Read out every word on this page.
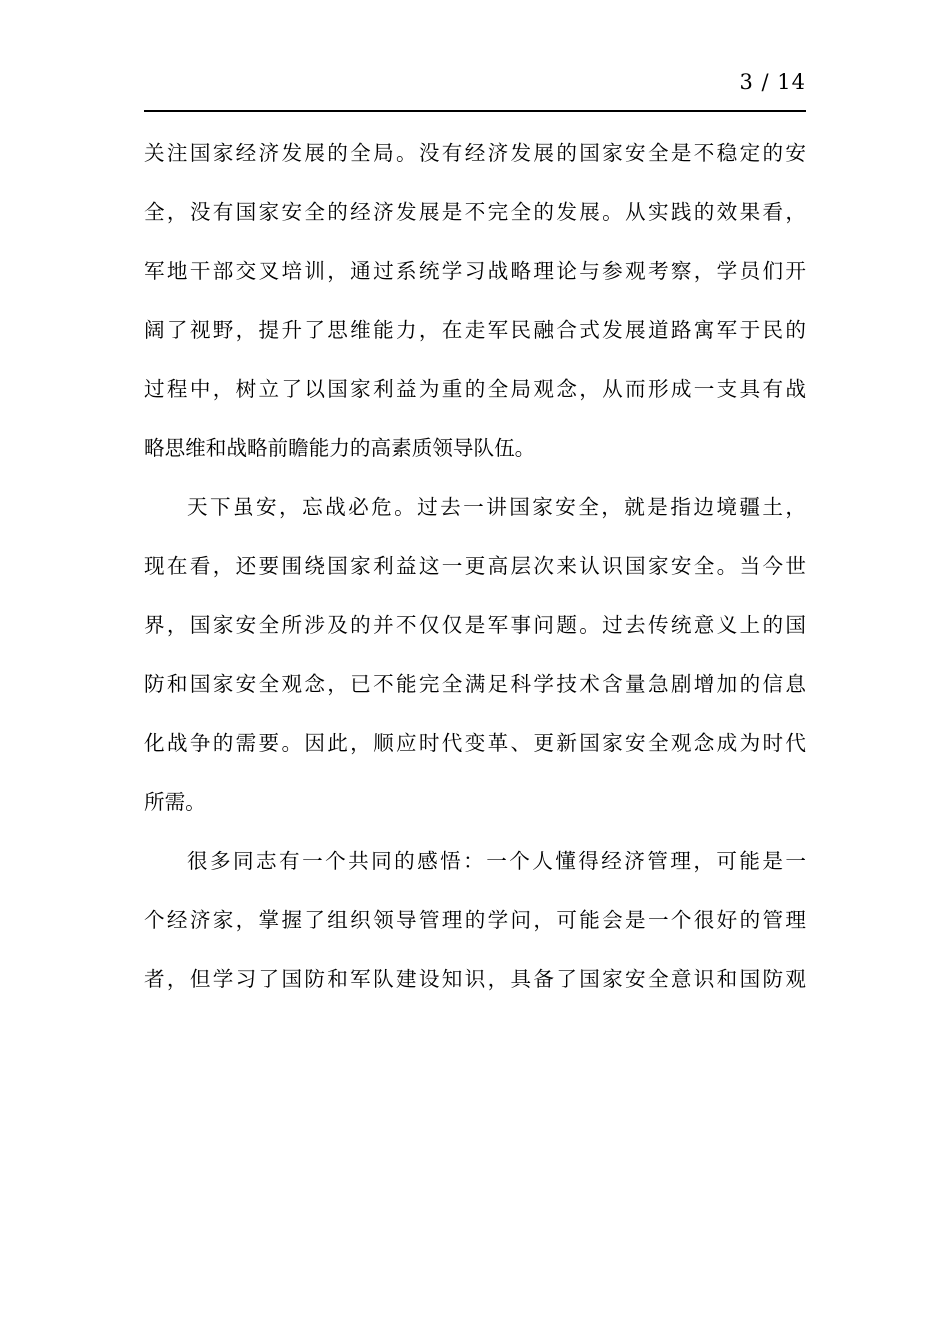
3 / 14
关注国家经济发展的全局。没有经济发展的国家安全是不稳定的安
全，没有国家安全的经济发展是不完全的发展。从实践的效果看，
军地干部交叉培训，通过系统学习战略理论与参观考察，学员们开
阔了视野，提升了思维能力，在走军民融合式发展道路寓军于民的
过程中，树立了以国家利益为重的全局观念，从而形成一支具有战
略思维和战略前瞻能力的高素质领导队伍。
天下虽安，忘战必危。过去一讲国家安全，就是指边境疆土，
现在看，还要围绕国家利益这一更高层次来认识国家安全。当今世
界，国家安全所涉及的并不仅仅是军事问题。过去传统意义上的国
防和国家安全观念，已不能完全满足科学技术含量急剧增加的信息
化战争的需要。因此，顺应时代变革、更新国家安全观念成为时代
所需。
很多同志有一个共同的感悟：一个人懂得经济管理，可能是一
个经济家，掌握了组织领导管理的学问，可能会是一个很好的管理
者，但学习了国防和军队建设知识，具备了国家安全意识和国防观
